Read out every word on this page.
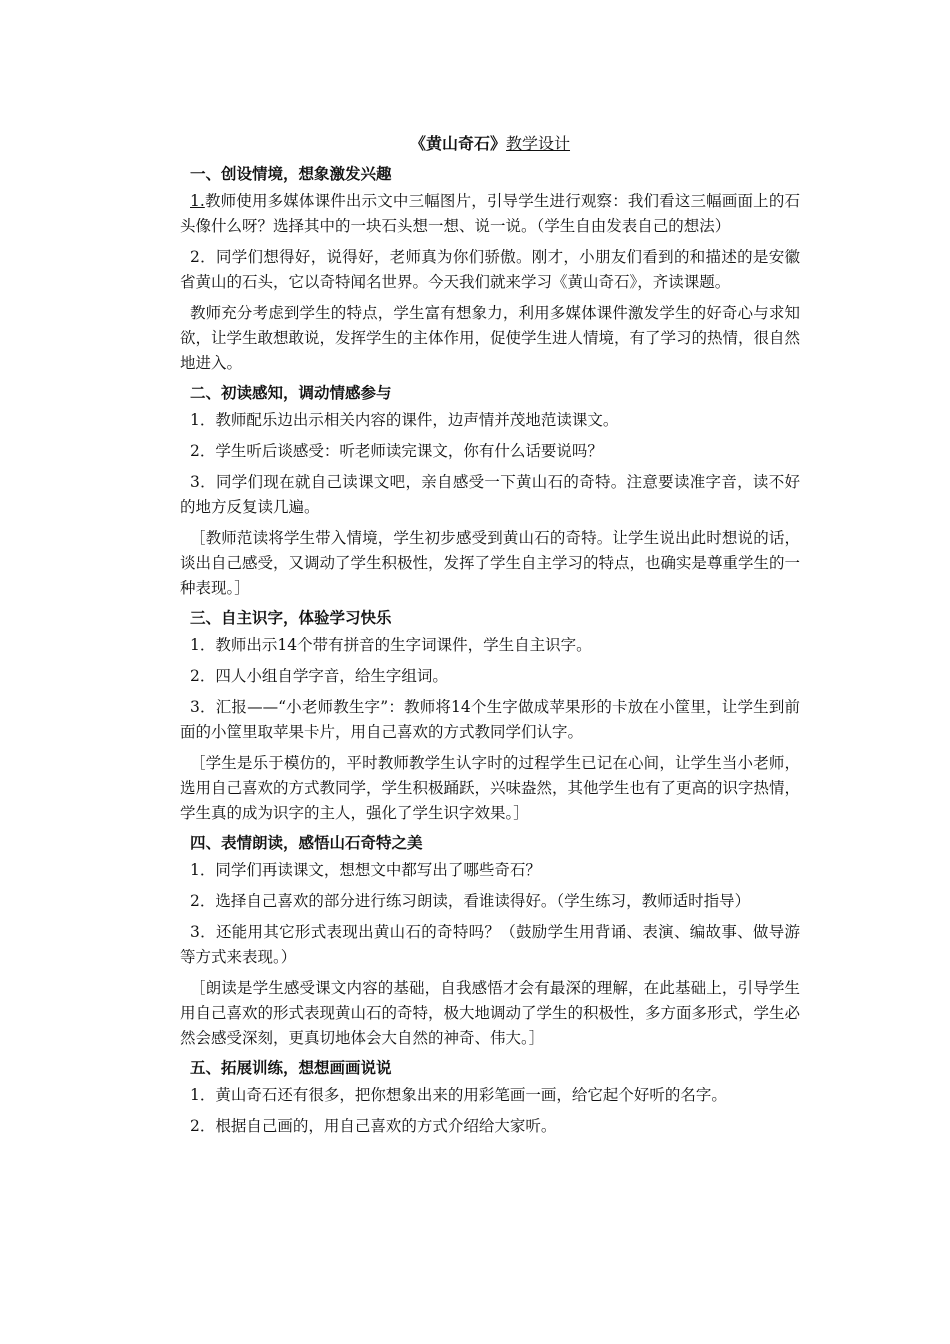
《黄山奇石》教学设计
一、创设情境，想象激发兴趣

1.教师使用多媒体课件出示文中三幅图片，引导学生进行观察：我们看这三幅画面上的石头像什么呀？选择其中的一块石头想一想、说一说。（学生自由发表自己的想法）

2．同学们想得好，说得好，老师真为你们骄傲。刚才，小朋友们看到的和描述的是安徽省黄山的石头，它以奇特闻名世界。今天我们就来学习《黄山奇石》，齐读课题。

教师充分考虑到学生的特点，学生富有想象力，利用多媒体课件激发学生的好奇心与求知欲，让学生敢想敢说，发挥学生的主体作用，促使学生进人情境，有了学习的热情，很自然地进入。

二、初读感知，调动情感参与

1．教师配乐边出示相关内容的课件，边声情并茂地范读课文。

2．学生听后谈感受：听老师读完课文，你有什么话要说吗？

3．同学们现在就自己读课文吧，亲自感受一下黄山石的奇特。注意要读准字音，读不好的地方反复读几遍。

［教师范读将学生带入情境，学生初步感受到黄山石的奇特。让学生说出此时想说的话，谈出自己感受，又调动了学生积极性，发挥了学生自主学习的特点，也确实是尊重学生的一种表现。］

三、自主识字，体验学习快乐

1．教师出示14个带有拼音的生字词课件，学生自主识字。

2．四人小组自学字音，给生字组词。

3．汇报——“小老师教生字”：教师将14个生字做成苹果形的卡放在小筐里，让学生到前面的小筐里取苹果卡片，用自己喜欢的方式教同学们认字。

［学生是乐于模仿的，平时教师教学生认字时的过程学生已记在心间，让学生当小老师，选用自己喜欢的方式教同学，学生积极踊跃，兴味盎然，其他学生也有了更高的识字热情，学生真的成为识字的主人，强化了学生识字效果。］

四、表情朗读，感悟山石奇特之美

1．同学们再读课文，想想文中都写出了哪些奇石？

2．选择自己喜欢的部分进行练习朗读，看谁读得好。（学生练习，教师适时指导）

3．还能用其它形式表现出黄山石的奇特吗？（鼓励学生用背诵、表演、编故事、做导游等方式来表现。）

［朗读是学生感受课文内容的基础，自我感悟才会有最深的理解，在此基础上，引导学生用自己喜欢的形式表现黄山石的奇特，极大地调动了学生的积极性，多方面多形式，学生必然会感受深刻，更真切地体会大自然的神奇、伟大。］

五、拓展训练，想想画画说说

1．黄山奇石还有很多，把你想象出来的用彩笔画一画，给它起个好听的名字。

2．根据自己画的，用自己喜欢的方式介绍给大家听。
